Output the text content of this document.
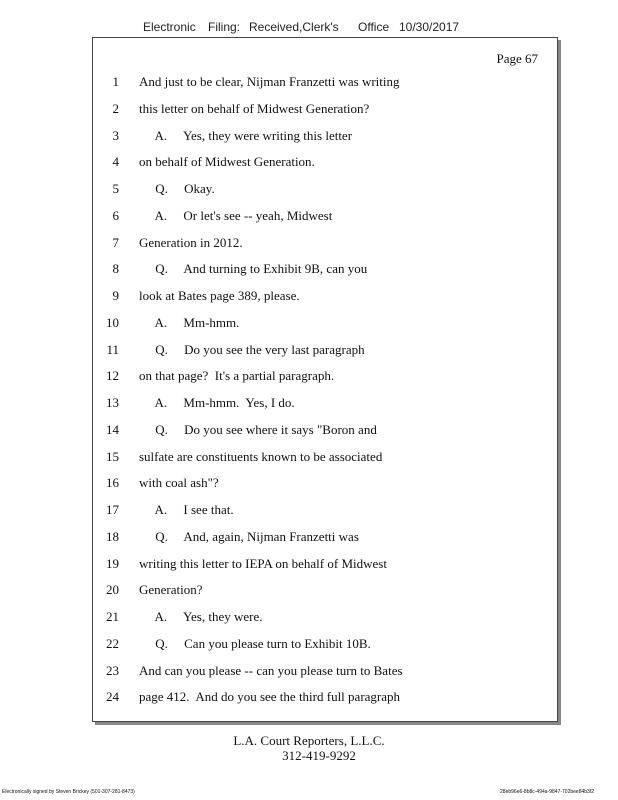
Electronic Filing: Received,Clerk's Office 10/30/2017
Page 67
1 And just to be clear, Nijman Franzetti was writing
2 this letter on behalf of Midwest Generation?
3 A.     Yes, they were writing this letter
4 on behalf of Midwest Generation.
5 Q.     Okay.
6 A.     Or let's see -- yeah, Midwest
7 Generation in 2012.
8 Q.     And turning to Exhibit 9B, can you
9 look at Bates page 389, please.
10 A.     Mm-hmm.
11 Q.     Do you see the very last paragraph
12 on that page?  It's a partial paragraph.
13 A.     Mm-hmm.  Yes, I do.
14 Q.     Do you see where it says "Boron and
15 sulfate are constituents known to be associated
16 with coal ash"?
17 A.     I see that.
18 Q.     And, again, Nijman Franzetti was
19 writing this letter to IEPA on behalf of Midwest
20 Generation?
21 A.     Yes, they were.
22 Q.     Can you please turn to Exhibit 10B.
23 And can you please -- can you please turn to Bates
24 page 412.  And do you see the third full paragraph
L.A. Court Reporters, L.L.C.
312-419-9292
Electronically signed by Steven Brickey (501-307-281-8473)	28eb96e6-8b8c-494a-9847-702bee84b3f2
